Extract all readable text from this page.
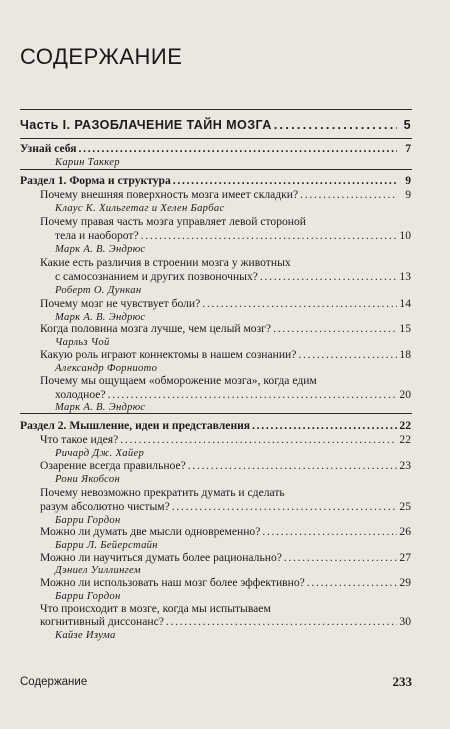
СОДЕРЖАНИЕ
Часть I. РАЗОБЛАЧЕНИЕ ТАЙН МОЗГА . . .	5
Узнай себя . . .	7
Карин Таккер
Раздел 1. Форма и структура . . .	9
Почему внешняя поверхность мозга имеет складки? . . .	9
Клаус К. Хильгетаг и Хелен Барбас
Почему правая часть мозга управляет левой стороной
тела и наоборот? . . .	10
Марк А. В. Эндрюс
Какие есть различия в строении мозга у животных
с самосознанием и других позвоночных? . . .	13
Роберт О. Дункан
Почему мозг не чувствует боли? . . .	14
Марк А. В. Эндрюс
Когда половина мозга лучше, чем целый мозг? . . .	15
Чарльз Чой
Какую роль играют коннектомы в нашем сознании? . . .	18
Александр Форниото
Почему мы ощущаем «обморожение мозга», когда едим
холодное? . . .	20
Марк А. В. Эндрюс
Раздел 2. Мышление, идеи и представления . . .	22
Что такое идея? . . .	22
Ричард Дж. Хайер
Озарение всегда правильное? . . .	23
Рони Якобсон
Почему невозможно прекратить думать и сделать
разум абсолютно чистым? . . .	25
Барри Гордон
Можно ли думать две мысли одновременно? . . .	26
Барри Л. Бейерстайн
Можно ли научиться думать более рационально? . . .	27
Дэниел Уиллингем
Можно ли использовать наш мозг более эффективно? . . .	29
Барри Гордон
Что происходит в мозге, когда мы испытываем
когнитивный диссонанс? . . .	30
Кайзе Изума
Содержание	233
